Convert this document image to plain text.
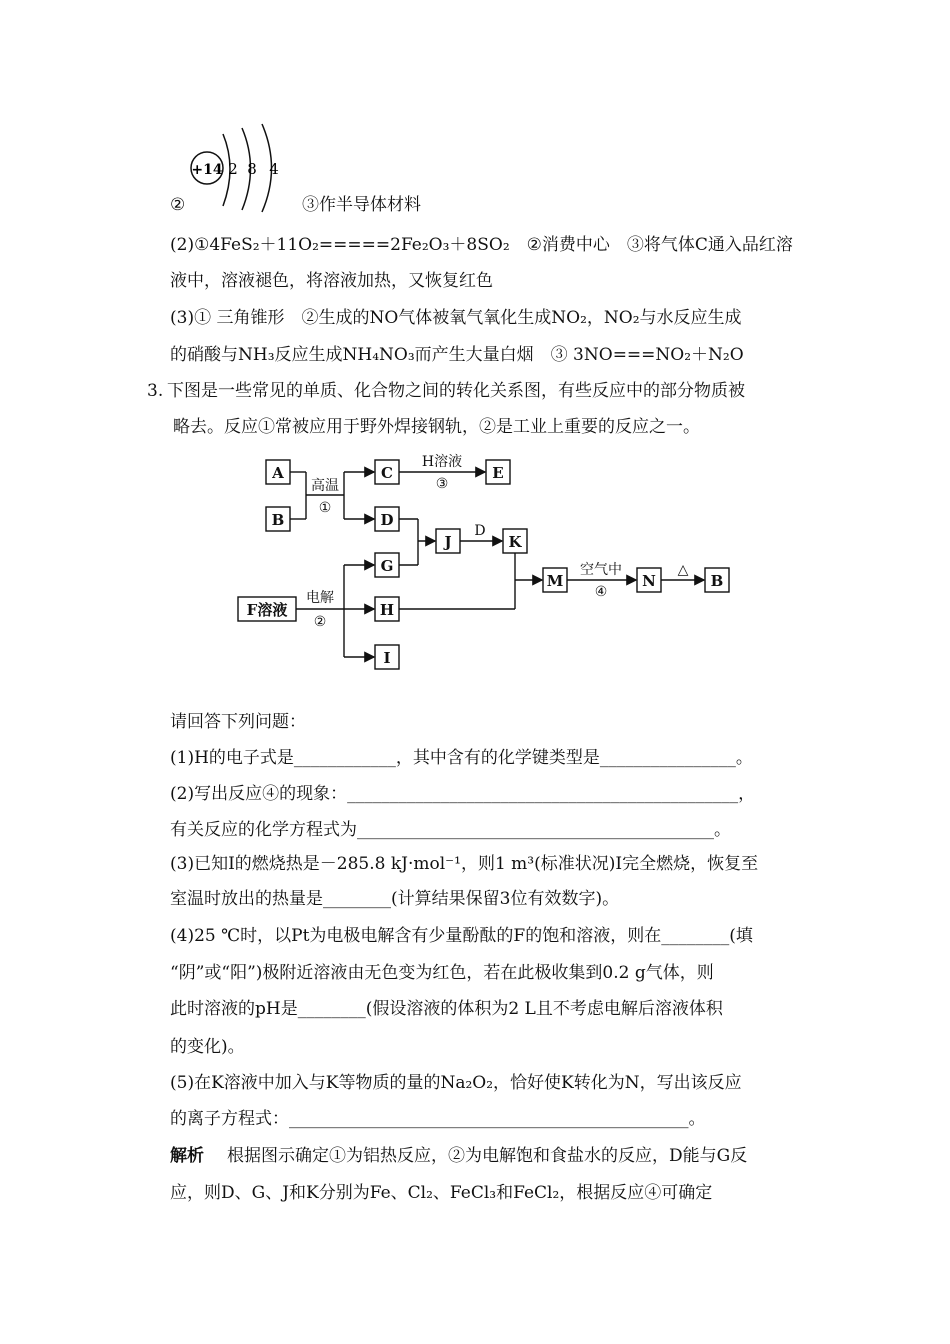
+14 2 8 4
②	③作半导体材料
(2)①4FeS₂＋11O₂=====2Fe₂O₃＋8SO₂　②消费中心　③将气体C通入品红溶
液中，溶液褪色，将溶液加热，又恢复红色
(3)① 三角锥形　②生成的NO气体被氧气氧化生成NO₂，NO₂与水反应生成
的硝酸与NH₃反应生成NH₄NO₃而产生大量白烟　③ 3NO===NO₂＋N₂O
3. 下图是一些常见的单质、化合物之间的转化关系图，有些反应中的部分物质被
略去。反应①常被应用于野外焊接钢轨，②是工业上重要的反应之一。
A
B
C	E
D
G
H
I
J	K
M	N	B
F溶液
高温
①
电解
②
H溶液
③
空气中
④
D
△
请回答下列问题：
(1)H的电子式是____________，其中含有的化学键类型是________________。
(2)写出反应④的现象：______________________________________________，
有关反应的化学方程式为__________________________________________。
(3)已知I的燃烧热是－285.8 kJ·mol⁻¹，则1 m³(标准状况)I完全燃烧，恢复至
室温时放出的热量是________(计算结果保留3位有效数字)。
(4)25 ℃时，以Pt为电极电解含有少量酚酞的F的饱和溶液，则在________(填
“阴”或“阳”)极附近溶液由无色变为红色，若在此极收集到0.2 g气体，则
此时溶液的pH是________(假设溶液的体积为2 L且不考虑电解后溶液体积
的变化)。
(5)在K溶液中加入与K等物质的量的Na₂O₂，恰好使K转化为N，写出该反应
的离子方程式：_______________________________________________。
解析 根据图示确定①为铝热反应，②为电解饱和食盐水的反应，D能与G反
应，则D、G、J和K分别为Fe、Cl₂、FeCl₃和FeCl₂，根据反应④可确定
